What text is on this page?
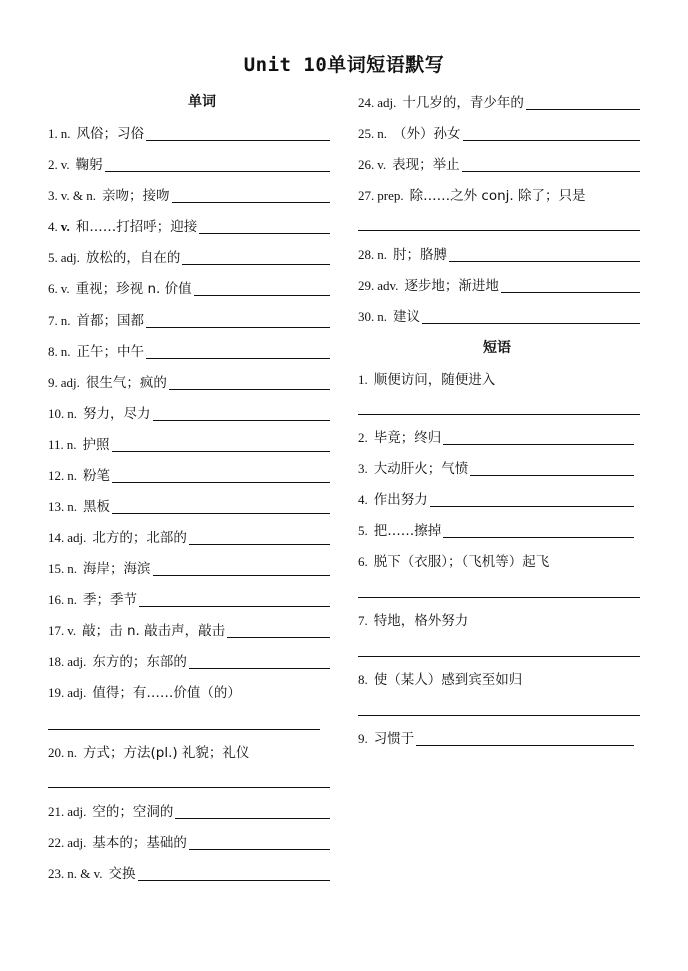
Unit 10单词短语默写
单词
1. n. 风俗；习俗
2. v. 鞠躬
3. v. & n. 亲吻；接吻
4. v. 和……打招呼；迎接
5. adj. 放松的，自在的
6. v. 重视；珍视 n. 价值
7. n. 首都；国都
8. n. 正午；中午
9. adj. 很生气；疯的
10. n. 努力，尽力
11. n. 护照
12. n. 粉笔
13. n. 黑板
14. adj. 北方的；北部的
15. n. 海岸；海滨
16. n. 季；季节
17. v. 敲；击 n. 敲击声，敲击
18. adj. 东方的；东部的
19. adj. 值得；有……价值（的）
20. n. 方式；方法(pl.) 礼貌；礼仪
21. adj. 空的；空洞的
22. adj. 基本的；基础的
23. n. & v. 交换
24. adj. 十几岁的，青少年的
25. n. （外）孙女
26. v. 表现；举止
27. prep. 除……之外 conj. 除了；只是
28. n. 肘；胳膊
29. adv. 逐步地；渐进地
30. n. 建议
短语
1. 顺便访问，随便进入
2. 毕竟；终归
3. 大动肝火；气愤
4. 作出努力
5. 把……擦掉
6. 脱下（衣服）；（飞机等）起飞
7. 特地，格外努力
8. 使（某人）感到宾至如归
9. 习惯于
